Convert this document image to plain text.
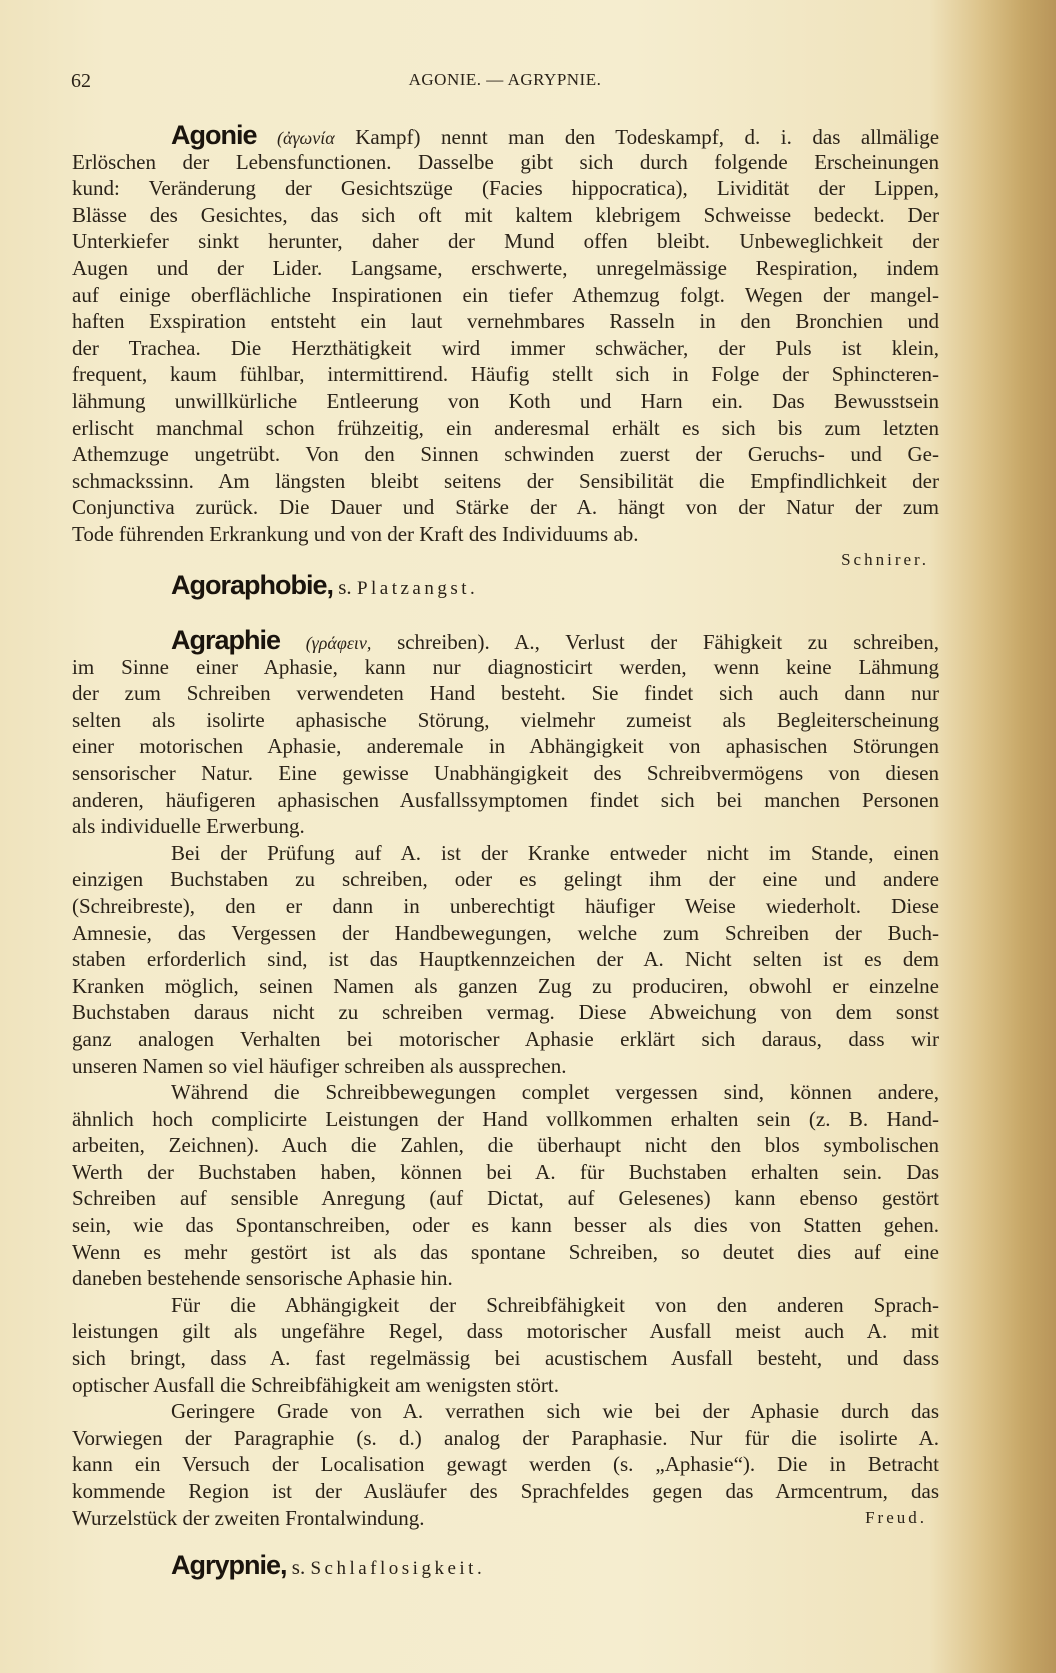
62	AGONIE. — AGRYPNIE.
Agonie (ἀγωνία Kampf) nennt man den Todeskampf, d. i. das allmälige
Erlöschen der Lebensfunctionen. Dasselbe gibt sich durch folgende Erscheinungen
kund: Veränderung der Gesichtszüge (Facies hippocratica), Lividität der Lippen,
Blässe des Gesichtes, das sich oft mit kaltem klebrigem Schweisse bedeckt. Der
Unterkiefer sinkt herunter, daher der Mund offen bleibt. Unbeweglichkeit der
Augen und der Lider. Langsame, erschwerte, unregelmässige Respiration, indem
auf einige oberflächliche Inspirationen ein tiefer Athemzug folgt. Wegen der mangel-
haften Exspiration entsteht ein laut vernehmbares Rasseln in den Bronchien und
der Trachea. Die Herzthätigkeit wird immer schwächer, der Puls ist klein,
frequent, kaum fühlbar, intermittirend. Häufig stellt sich in Folge der Sphincteren-
lähmung unwillkürliche Entleerung von Koth und Harn ein. Das Bewusstsein
erlischt manchmal schon frühzeitig, ein anderesmal erhält es sich bis zum letzten
Athemzuge ungetrübt. Von den Sinnen schwinden zuerst der Geruchs- und Ge-
schmackssinn. Am längsten bleibt seitens der Sensibilität die Empfindlichkeit der
Conjunctiva zurück. Die Dauer und Stärke der A. hängt von der Natur der zum
Tode führenden Erkrankung und von der Kraft des Individuums ab.
Schnirer.
Agoraphobie, s. Platzangst.
Agraphie (γράφειν, schreiben). A., Verlust der Fähigkeit zu schreiben,
im Sinne einer Aphasie, kann nur diagnosticirt werden, wenn keine Lähmung
der zum Schreiben verwendeten Hand besteht. Sie findet sich auch dann nur
selten als isolirte aphasische Störung, vielmehr zumeist als Begleiterscheinung
einer motorischen Aphasie, anderemale in Abhängigkeit von aphasischen Störungen
sensorischer Natur. Eine gewisse Unabhängigkeit des Schreibvermögens von diesen
anderen, häufigeren aphasischen Ausfallssymptomen findet sich bei manchen Personen
als individuelle Erwerbung.
Bei der Prüfung auf A. ist der Kranke entweder nicht im Stande, einen
einzigen Buchstaben zu schreiben, oder es gelingt ihm der eine und andere
(Schreibreste), den er dann in unberechtigt häufiger Weise wiederholt. Diese
Amnesie, das Vergessen der Handbewegungen, welche zum Schreiben der Buch-
staben erforderlich sind, ist das Hauptkennzeichen der A. Nicht selten ist es dem
Kranken möglich, seinen Namen als ganzen Zug zu produciren, obwohl er einzelne
Buchstaben daraus nicht zu schreiben vermag. Diese Abweichung von dem sonst
ganz analogen Verhalten bei motorischer Aphasie erklärt sich daraus, dass wir
unseren Namen so viel häufiger schreiben als aussprechen.
Während die Schreibbewegungen complet vergessen sind, können andere,
ähnlich hoch complicirte Leistungen der Hand vollkommen erhalten sein (z. B. Hand-
arbeiten, Zeichnen). Auch die Zahlen, die überhaupt nicht den blos symbolischen
Werth der Buchstaben haben, können bei A. für Buchstaben erhalten sein. Das
Schreiben auf sensible Anregung (auf Dictat, auf Gelesenes) kann ebenso gestört
sein, wie das Spontanschreiben, oder es kann besser als dies von Statten gehen.
Wenn es mehr gestört ist als das spontane Schreiben, so deutet dies auf eine
daneben bestehende sensorische Aphasie hin.
Für die Abhängigkeit der Schreibfähigkeit von den anderen Sprach-
leistungen gilt als ungefähre Regel, dass motorischer Ausfall meist auch A. mit
sich bringt, dass A. fast regelmässig bei acustischem Ausfall besteht, und dass
optischer Ausfall die Schreibfähigkeit am wenigsten stört.
Geringere Grade von A. verrathen sich wie bei der Aphasie durch das
Vorwiegen der Paragraphie (s. d.) analog der Paraphasie. Nur für die isolirte A.
kann ein Versuch der Localisation gewagt werden (s. „Aphasie“). Die in Betracht
kommende Region ist der Ausläufer des Sprachfeldes gegen das Armcentrum, das
Wurzelstück der zweiten Frontalwindung.	Freud.
Agrypnie, s. Schlaflosigkeit.
